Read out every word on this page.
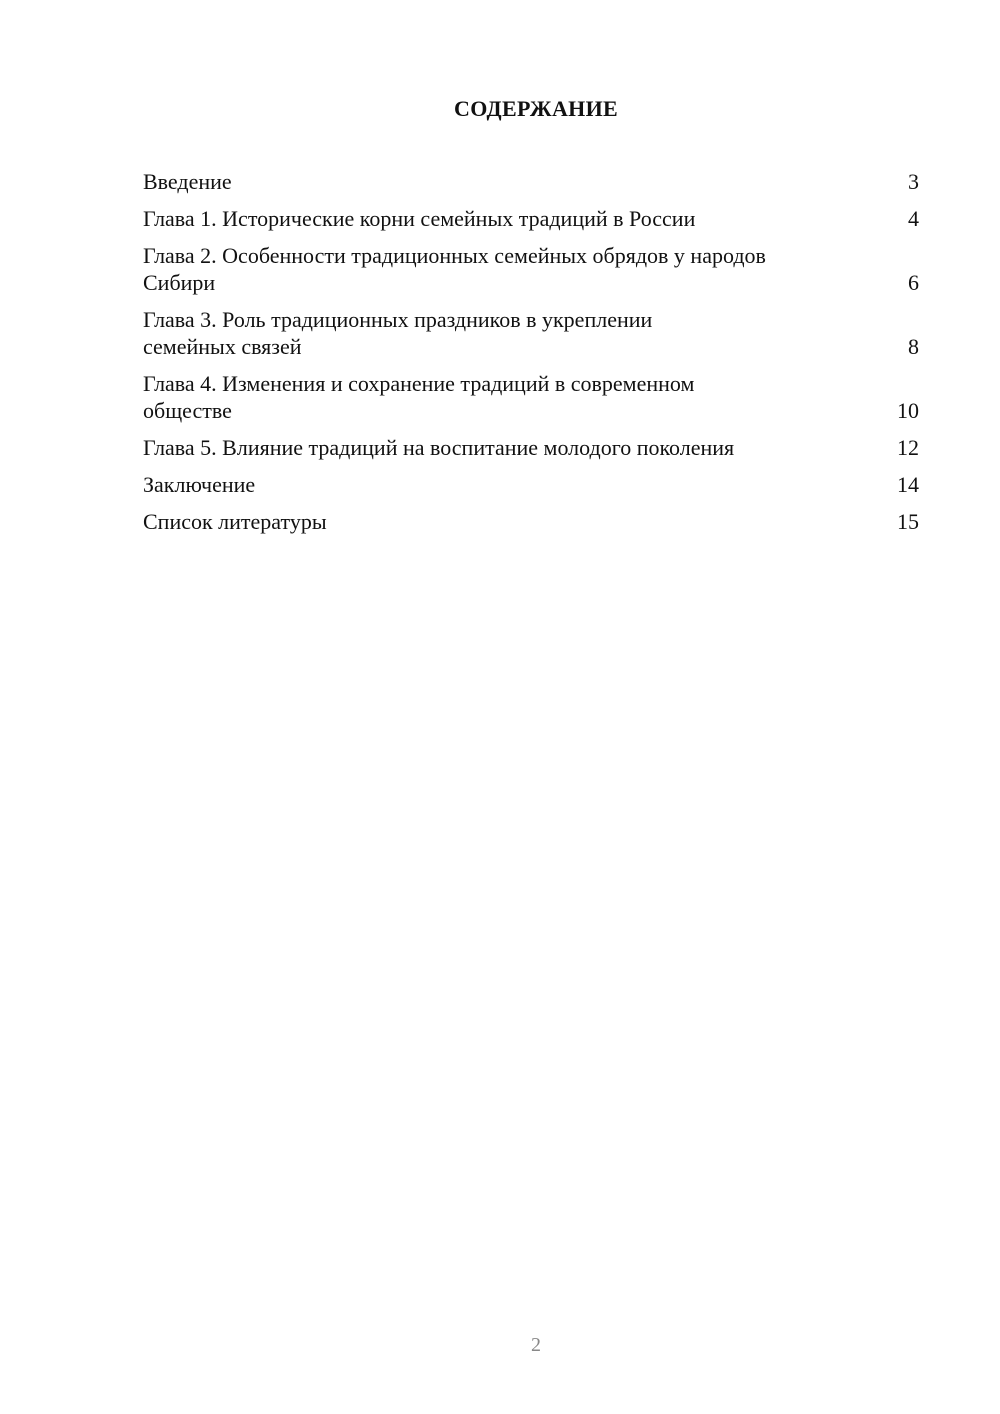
СОДЕРЖАНИЕ
Введение	3
Глава 1. Исторические корни семейных традиций в России	4
Глава 2. Особенности традиционных семейных обрядов у народов Сибири	6
Глава 3. Роль традиционных праздников в укреплении семейных связей	8
Глава 4. Изменения и сохранение традиций в современном обществе	10
Глава 5. Влияние традиций на воспитание молодого поколения	12
Заключение	14
Список литературы	15
2
